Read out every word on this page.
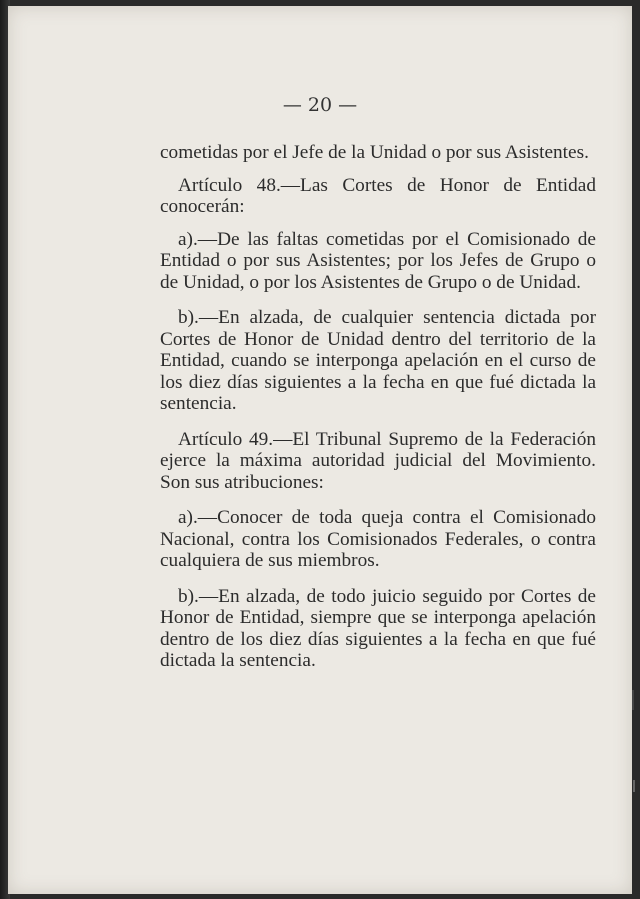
— 20 —

cometidas por el Jefe de la Unidad o por sus Asistentes.

Artículo 48.—Las Cortes de Honor de Entidad conocerán:

a).—De las faltas cometidas por el Comisionado de Entidad o por sus Asistentes; por los Jefes de Grupo o de Unidad, o por los Asistentes de Grupo o de Unidad.

b).—En alzada, de cualquier sentencia dictada por Cortes de Honor de Unidad dentro del territorio de la Entidad, cuando se interponga apelación en el curso de los diez días siguientes a la fecha en que fué dictada la sentencia.

Artículo 49.—El Tribunal Supremo de la Federación ejerce la máxima autoridad judicial del Movimiento. Son sus atribuciones:

a).—Conocer de toda queja contra el Comisionado Nacional, contra los Comisionados Federales, o contra cualquiera de sus miembros.

b).—En alzada, de todo juicio seguido por Cortes de Honor de Entidad, siempre que se interponga apelación dentro de los diez días siguientes a la fecha en que fué dictada la sentencia.
